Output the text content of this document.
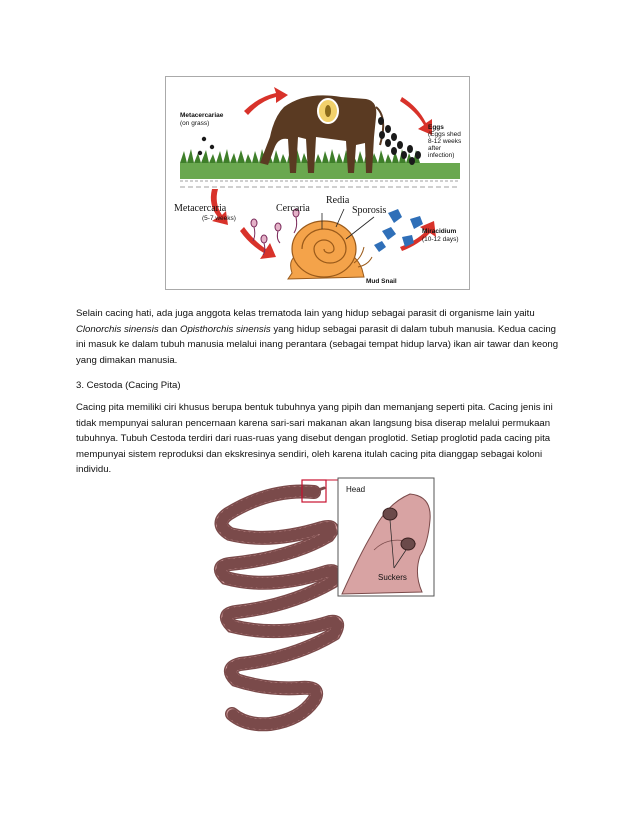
Metacercariae
(on grass)
Eggs
(Eggs shed
8-12 weeks
after
infection)
Metacercaria
(5-7 weeks)
Cercaria
Redia
Sporosis
Miracidium
(10-12 days)
Mud Snail

Selain cacing hati, ada juga anggota kelas trematoda lain yang hidup sebagai parasit di organisme lain yaitu Clonorchis sinensis dan Opisthorchis sinensis yang hidup sebagai parasit di dalam tubuh manusia. Kedua cacing ini masuk ke dalam tubuh manusia melalui inang perantara (sebagai tempat hidup larva) ikan air tawar dan keong yang dimakan manusia.

3. Cestoda (Cacing Pita)

Cacing pita memiliki ciri khusus berupa bentuk tubuhnya yang pipih dan memanjang seperti pita. Cacing jenis ini tidak mempunyai saluran pencernaan karena sari-sari makanan akan langsung bisa diserap melalui permukaan tubuhnya. Tubuh Cestoda terdiri dari ruas-ruas yang disebut dengan proglotid. Setiap proglotid pada cacing pita mempunyai sistem reproduksi dan ekskresinya sendiri, oleh karena itulah cacing pita dianggap sebagai koloni individu.

Head
Suckers
